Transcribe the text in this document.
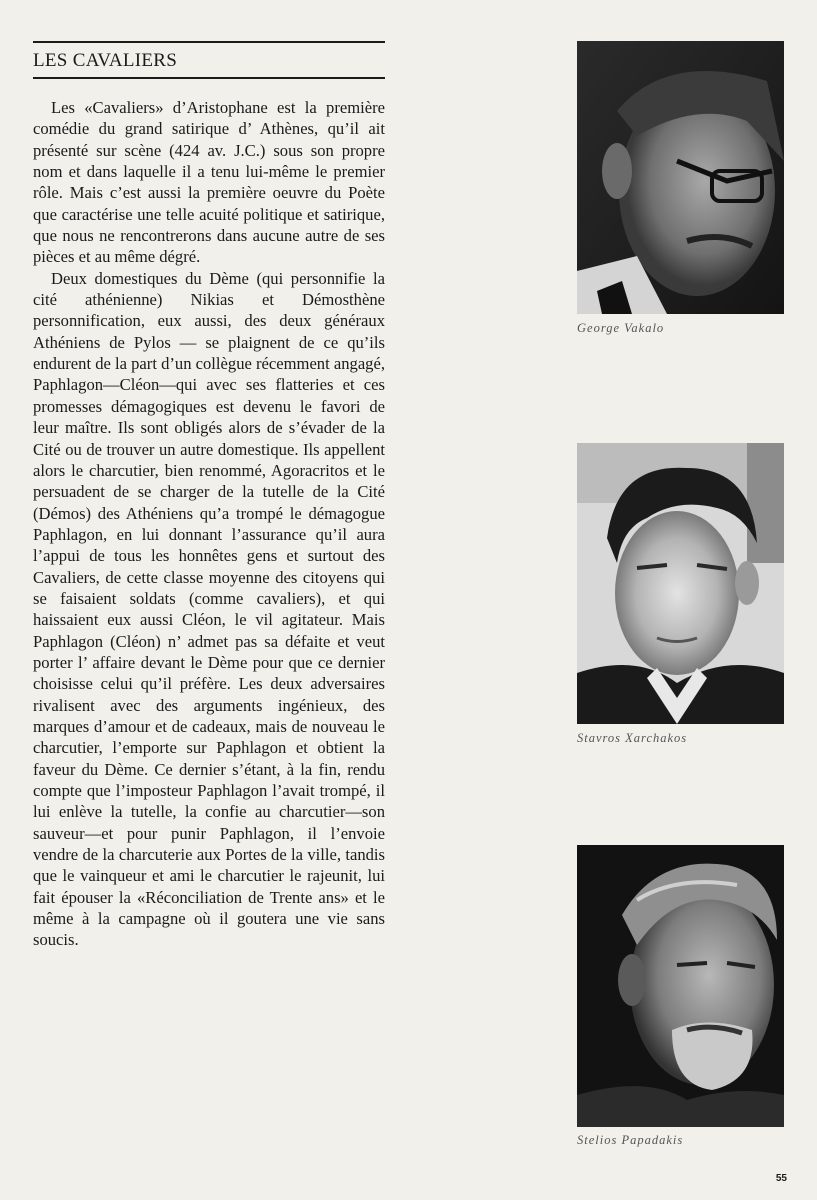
LES CAVALIERS

Les «Cavaliers» d’Aristophane est la première comédie du grand satirique d’ Athènes, qu’il ait présenté sur scène (424 av. J.C.) sous son propre nom et dans laquelle il a tenu lui-même le premier rôle. Mais c’est aussi la première oeuvre du Poète que caractérise une telle acuité politique et satirique, que nous ne rencontrerons dans aucune autre de ses pièces et au même dégré.

Deux domestiques du Dème (qui personnifie la cité athénienne) Nikias et Démosthène personnification, eux aussi, des deux généraux Athéniens de Pylos — se plaignent de ce qu’ils endurent de la part d’un collègue récemment angagé, Paphlagon—Cléon—qui avec ses flatteries et ces promesses démagogiques est devenu le favori de leur maître. Ils sont obligés alors de s’évader de la Cité ou de trouver un autre domestique. Ils appellent alors le charcutier, bien renommé, Agoracritos et le persuadent de se charger de la tutelle de la Cité (Démos) des Athéniens qu’a trompé le démagogue Paphlagon, en lui donnant l’assurance qu’il aura l’appui de tous les honnêtes gens et surtout des Cavaliers, de cette classe moyenne des citoyens qui se faisaient soldats (comme cavaliers), et qui haissaient eux aussi Cléon, le vil agitateur. Mais Paphlagon (Cléon) n’ admet pas sa défaite et veut porter l’ affaire devant le Dème pour que ce dernier choisisse celui qu’il préfère. Les deux adversaires rivalisent avec des arguments ingénieux, des marques d’amour et de cadeaux, mais de nouveau le charcutier, l’emporte sur Paphlagon et obtient la faveur du Dème. Ce dernier s’étant, à la fin, rendu compte que l’imposteur Paphlagon l’avait trompé, il lui enlève la tutelle, la confie au charcutier—son sauveur—et pour punir Paphlagon, il l’envoie vendre de la charcuterie aux Portes de la ville, tandis que le vainqueur et ami le charcutier le rajeunit, lui fait épouser la «Réconciliation de Trente ans» et le même à la campagne où il goutera une vie sans soucis.

George Vakalo
Stavros Xarchakos
Stelios Papadakis
55
